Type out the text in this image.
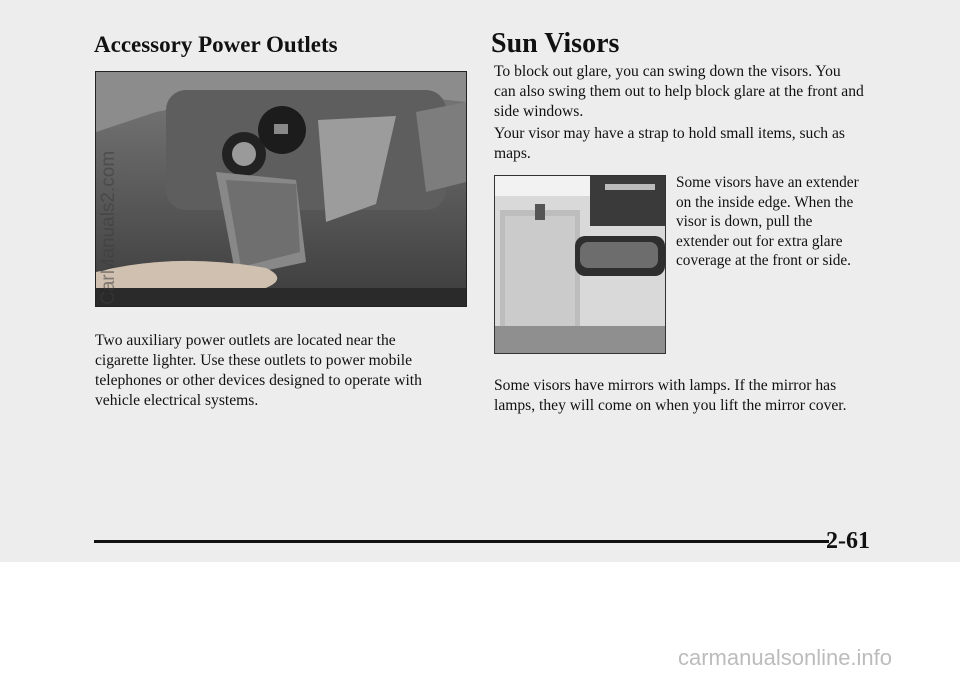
Accessory Power Outlets	Sun Visors

Two auxiliary power outlets are located near the cigarette lighter. Use these outlets to power mobile telephones or other devices designed to operate with vehicle electrical systems.

To block out glare, you can swing down the visors. You can also swing them out to help block glare at the front and side windows.

Your visor may have a strap to hold small items, such as maps.

Some visors have an extender on the inside edge. When the visor is down, pull the extender out for extra glare coverage at the front or side.

Some visors have mirrors with lamps. If the mirror has lamps, they will come on when you lift the mirror cover.

2-61
CarManuals2.com
carmanualsonline.info
